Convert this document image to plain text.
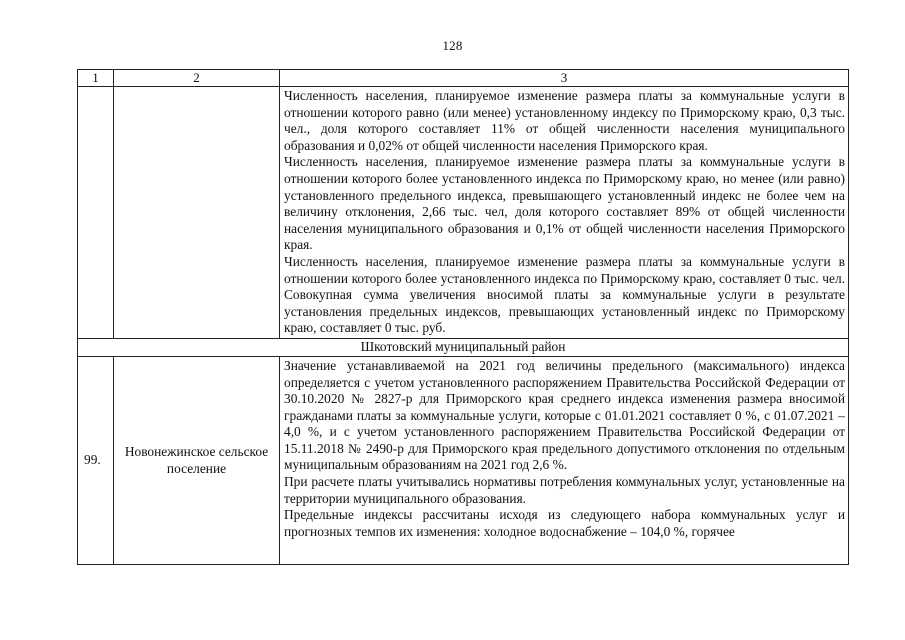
128
1	2	3

		Численность населения, планируемое изменение размера платы за коммунальные услуги в отношении которого равно (или менее) установленному индексу по Приморскому краю, 0,3 тыс. чел., доля которого составляет 11% от общей численности населения муниципального образования и 0,02% от общей численности населения Приморского края.

Численность населения, планируемое изменение размера платы за коммунальные услуги в отношении которого более установленного индекса по Приморскому краю, но менее (или равно) установленного предельного индекса, превышающего установленный индекс не более чем на величину отклонения, 2,66 тыс. чел, доля которого составляет 89% от общей численности населения муниципального образования и 0,1% от общей численности населения Приморского края.

Численность населения, планируемое изменение размера платы за коммунальные услуги в отношении которого более установленного индекса по Приморскому краю, составляет 0 тыс. чел. Совокупная сумма увеличения вносимой платы за коммунальные услуги в результате установления предельных индексов, превышающих установленный индекс по Приморскому краю, составляет 0 тыс. руб.

Шкотовский муниципальный район		
99.	Новонежинское сельское поселение	Значение устанавливаемой на 2021 год величины предельного (максимального) индекса определяется с учетом установленного распоряжением Правительства Российской Федерации от 30.10.2020 № 2827-р для Приморского края среднего индекса изменения размера вносимой гражданами платы за коммунальные услуги, которые с 01.01.2021 составляет 0 %, с 01.07.2021 – 4,0 %, и с учетом установленного распоряжением Правительства Российской Федерации от 15.11.2018 № 2490-р для Приморского края предельного допустимого отклонения по отдельным муниципальным образованиям на 2021 год 2,6 %.

При расчете платы учитывались нормативы потребления коммунальных услуг, установленные на территории муниципального образования.

Предельные индексы рассчитаны исходя из следующего набора коммунальных услуг и прогнозных темпов их изменения: холодное водоснабжение – 104,0 %, горячее
